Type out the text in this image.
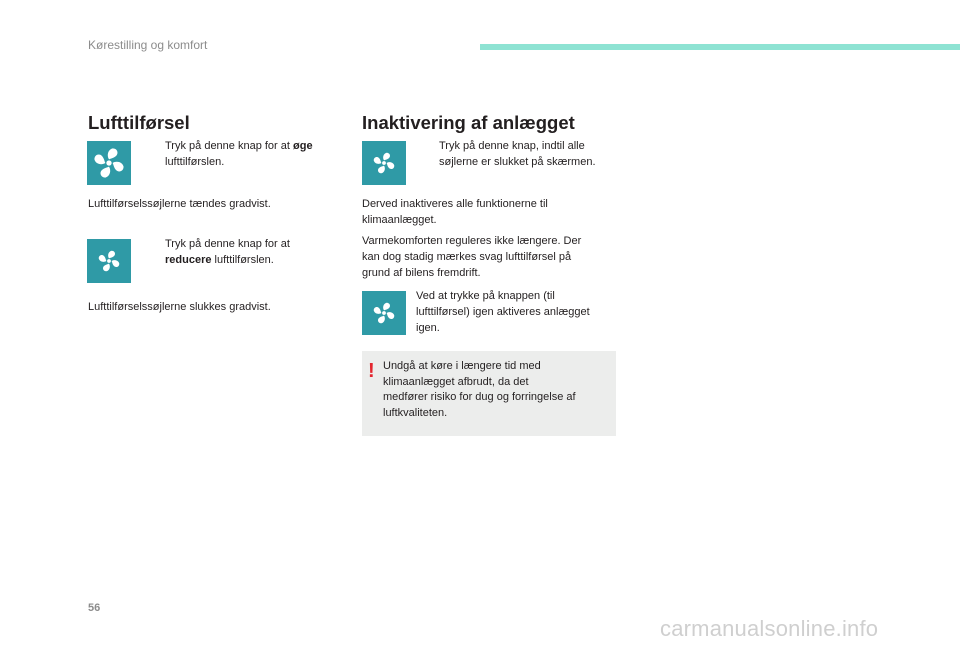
Kørestilling og komfort
Lufttilførsel
Tryk på denne knap for at øge
lufttilførslen.
Lufttilførselssøjlerne tændes gradvist.
Tryk på denne knap for at
reducere lufttilførslen.
Lufttilførselssøjlerne slukkes gradvist.
Inaktivering af anlægget
Tryk på denne knap, indtil alle
søjlerne er slukket på skærmen.
Derved inaktiveres alle funktionerne til
klimaanlægget.
Varmekomforten reguleres ikke længere. Der
kan dog stadig mærkes svag lufttilførsel på
grund af bilens fremdrift.
Ved at trykke på knappen (til
lufttilførsel) igen aktiveres anlægget
igen.
! Undgå at køre i længere tid med
klimaanlægget afbrudt, da det
medfører risiko for dug og forringelse af
luftkvaliteten.
56
carmanualsonline.info
